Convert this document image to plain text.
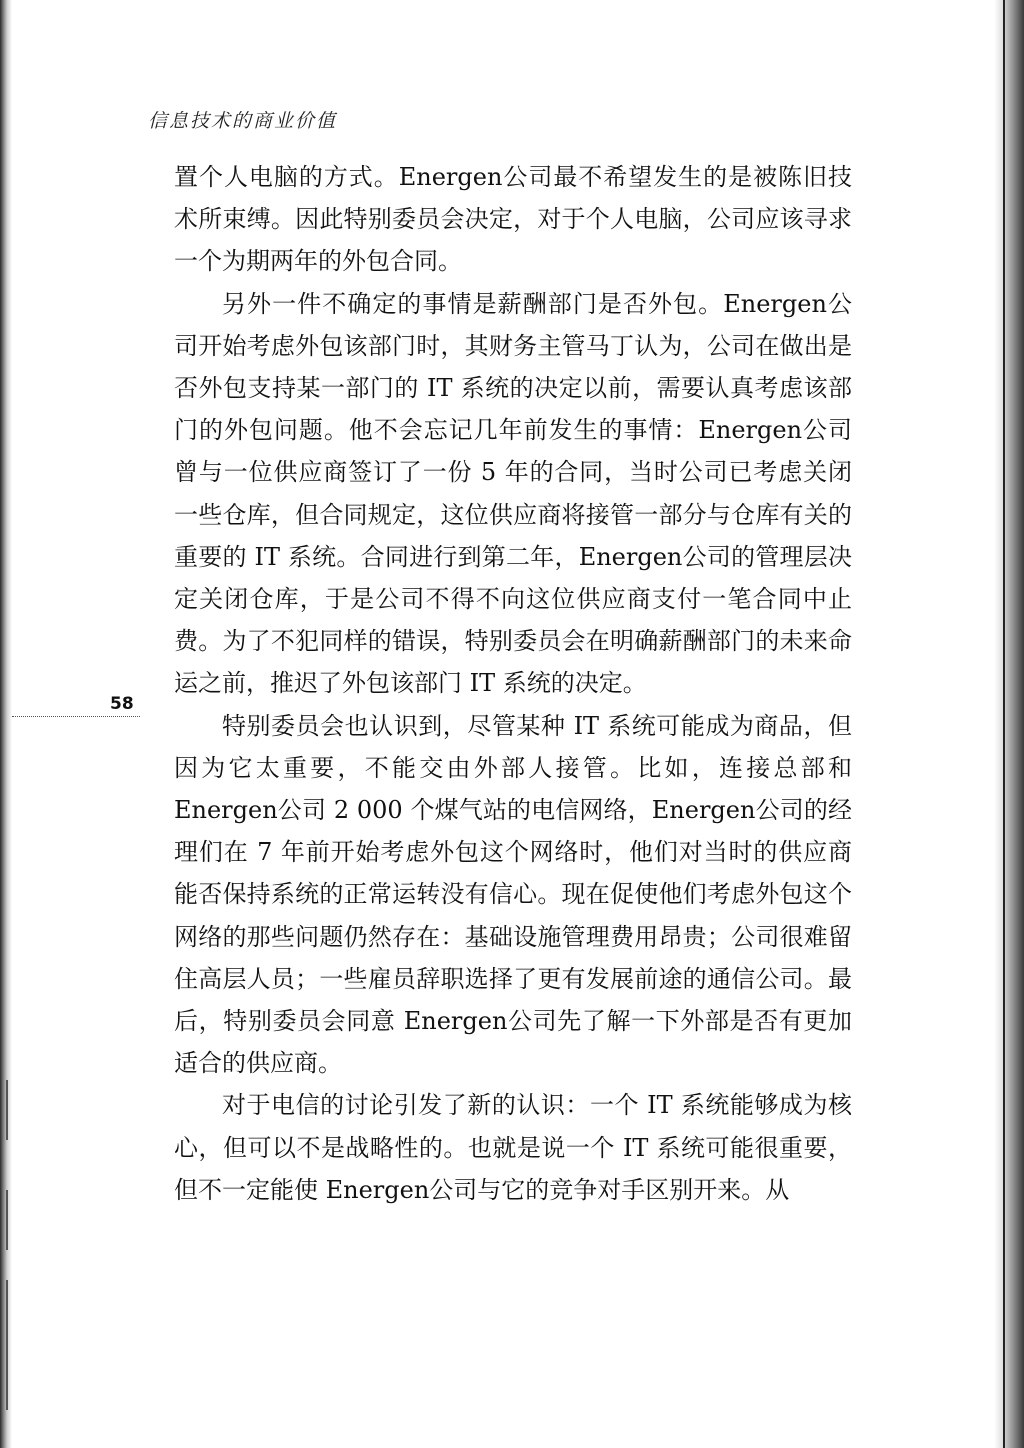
信息技术的商业价值
58

置个人电脑的方式。Energen公司最不希望发生的是被陈旧技术所束缚。因此特别委员会决定，对于个人电脑，公司应该寻求一个为期两年的外包合同。

另外一件不确定的事情是薪酬部门是否外包。Energen公司开始考虑外包该部门时，其财务主管马丁认为，公司在做出是否外包支持某一部门的 IT 系统的决定以前，需要认真考虑该部门的外包问题。他不会忘记几年前发生的事情：Energen公司曾与一位供应商签订了一份 5 年的合同，当时公司已考虑关闭一些仓库，但合同规定，这位供应商将接管一部分与仓库有关的重要的 IT 系统。合同进行到第二年，Energen公司的管理层决定关闭仓库，于是公司不得不向这位供应商支付一笔合同中止费。为了不犯同样的错误，特别委员会在明确薪酬部门的未来命运之前，推迟了外包该部门 IT 系统的决定。

特别委员会也认识到，尽管某种 IT 系统可能成为商品，但因为它太重要，不能交由外部人接管。比如，连接总部和 Energen公司 2 000 个煤气站的电信网络，Energen公司的经理们在 7 年前开始考虑外包这个网络时，他们对当时的供应商能否保持系统的正常运转没有信心。现在促使他们考虑外包这个网络的那些问题仍然存在：基础设施管理费用昂贵；公司很难留住高层人员；一些雇员辞职选择了更有发展前途的通信公司。最后，特别委员会同意 Energen公司先了解一下外部是否有更加适合的供应商。

对于电信的讨论引发了新的认识：一个 IT 系统能够成为核心，但可以不是战略性的。也就是说一个 IT 系统可能很重要，但不一定能使 Energen公司与它的竞争对手区别开来。从
